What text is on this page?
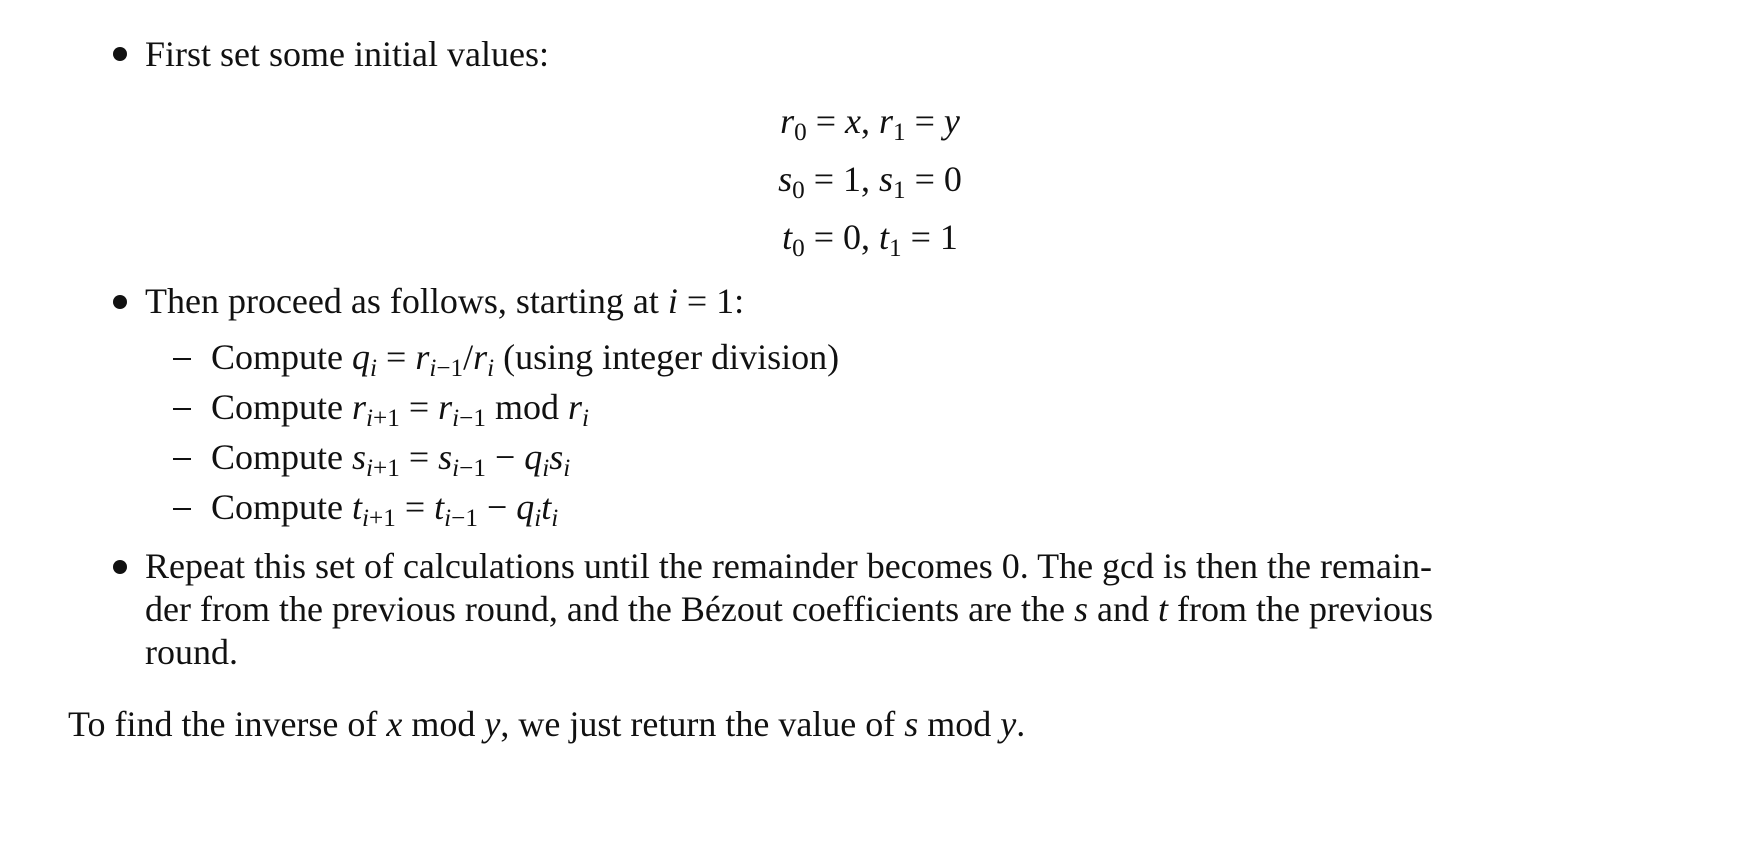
First set some initial values:
$r_0 = x$, $r_1 = y$
$s_0 = 1$, $s_1 = 0$
$t_0 = 0$, $t_1 = 1$
Then proceed as follows, starting at i = 1:
Compute $q_i = r_{i-1}/r_i$ (using integer division)
Compute $r_{i+1} = r_{i-1}$ mod $r_i$
Compute $s_{i+1} = s_{i-1} - q_is_i$
Compute $t_{i+1} = t_{i-1} - q_it_i$
Repeat this set of calculations until the remainder becomes 0. The gcd is then the remain-
der from the previous round, and the Bézout coefficients are the s and t from the previous
round.
To find the inverse of x mod y, we just return the value of s mod y.
